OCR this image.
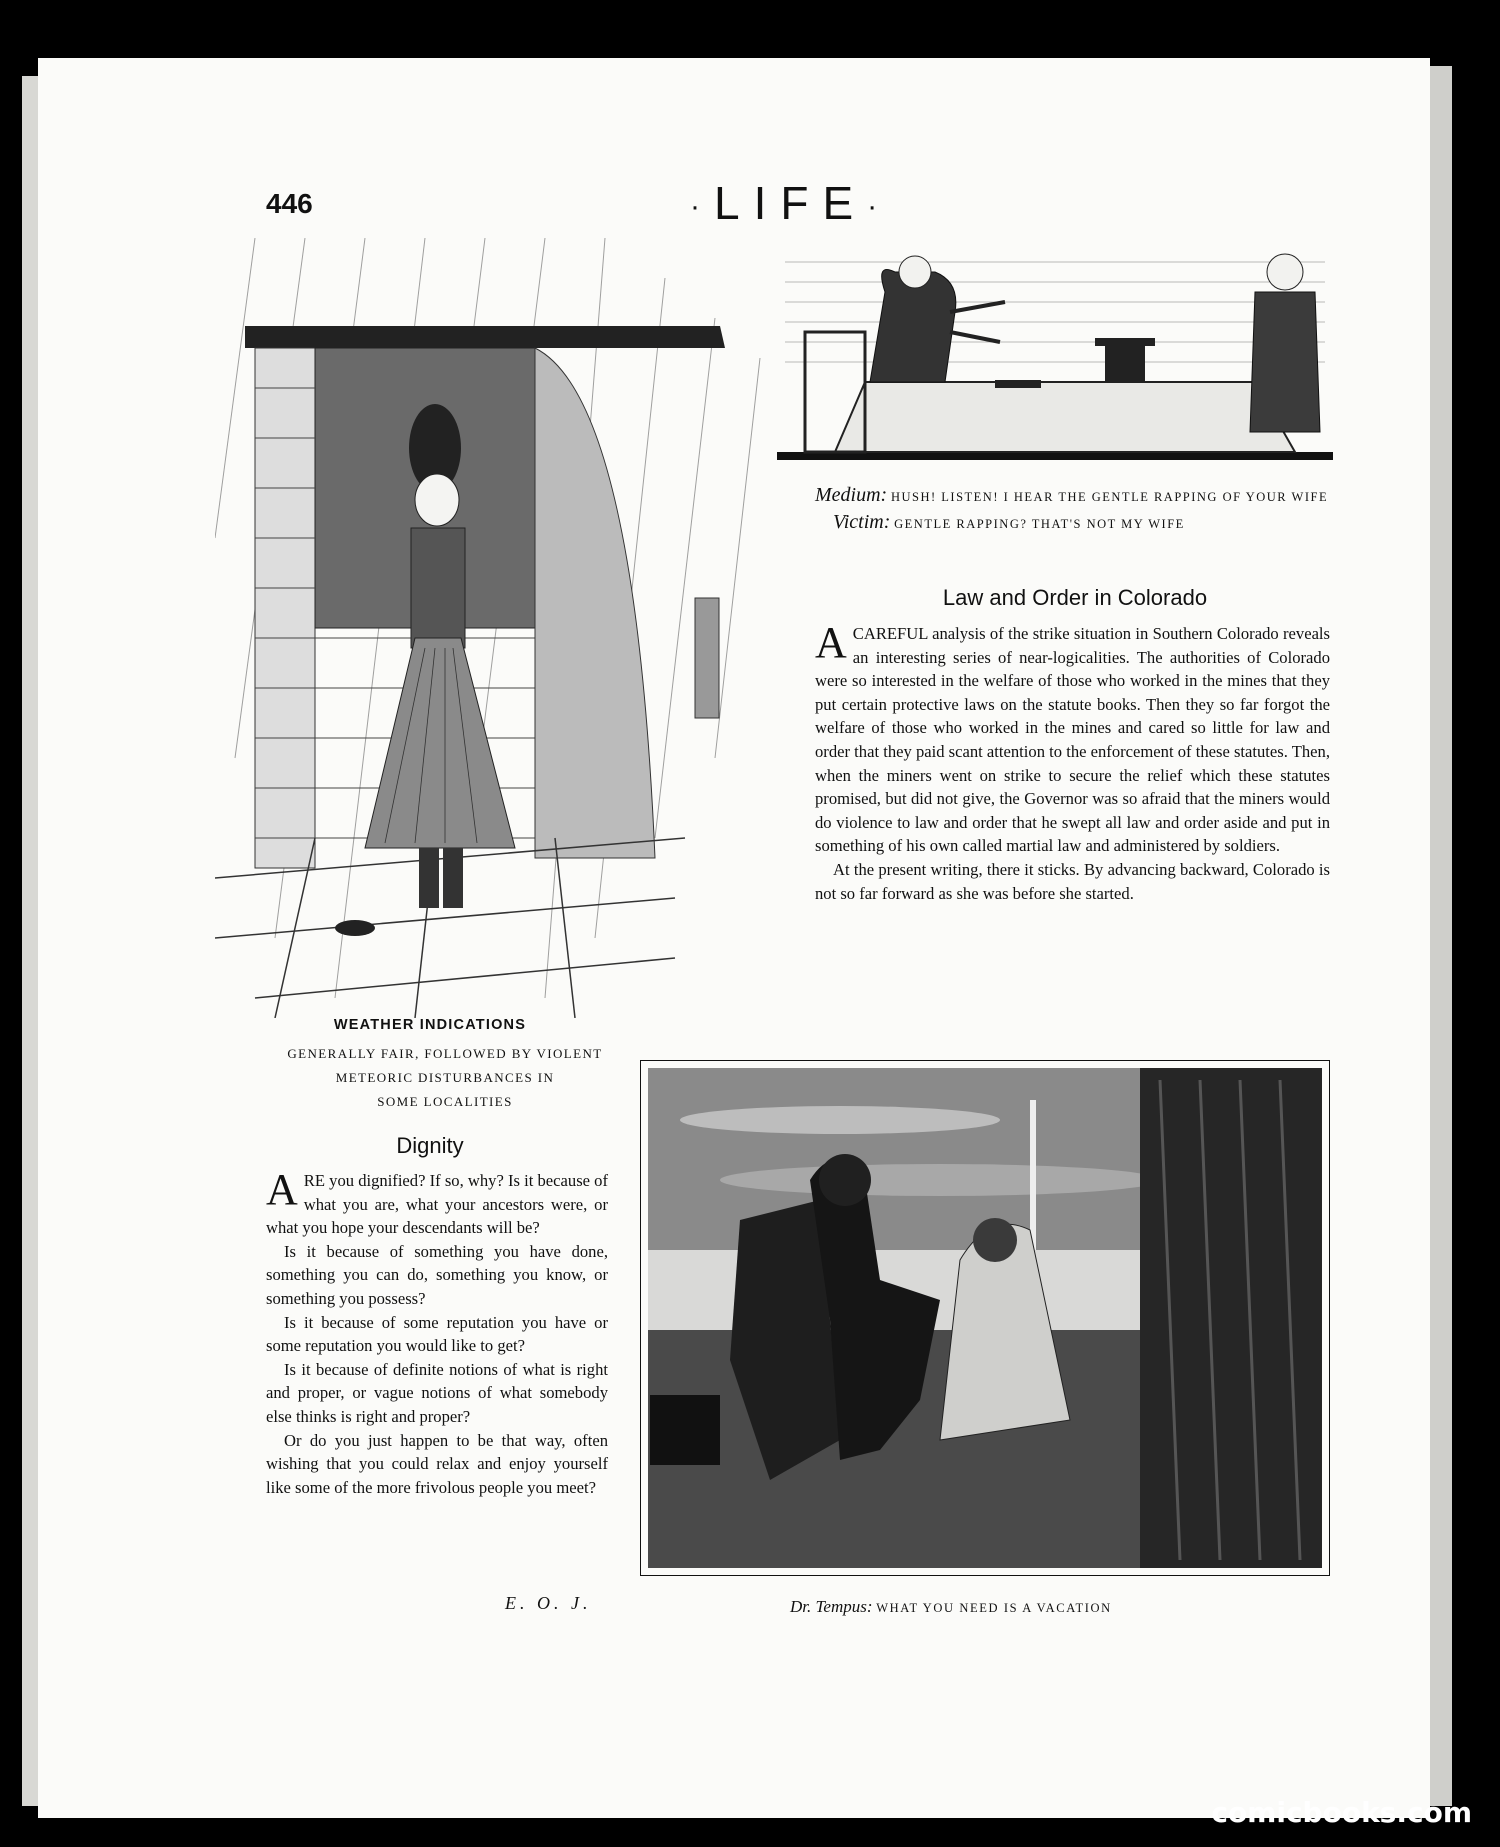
446	·LIFE·
WEATHER INDICATIONS
GENERALLY FAIR, FOLLOWED BY VIOLENT
METEORIC DISTURBANCES IN
SOME LOCALITIES
Medium: HUSH! LISTEN! I HEAR THE GENTLE RAPPING OF YOUR WIFE
Victim: GENTLE RAPPING? THAT'S NOT MY WIFE
Law and Order in Colorado

ACAREFUL analysis of the strike situation in Southern Colorado reveals an interesting series of near-logicalities. The authorities of Colorado were so interested in the welfare of those who worked in the mines that they put certain protective laws on the statute books. Then they so far forgot the welfare of those who worked in the mines and cared so little for law and order that they paid scant attention to the enforcement of these statutes. Then, when the miners went on strike to secure the relief which these statutes promised, but did not give, the Governor was so afraid that the miners would do violence to law and order that he swept all law and order aside and put in something of his own called martial law and administered by soldiers.

At the present writing, there it sticks. By advancing backward, Colorado is not so far forward as she was before she started.

Dignity

ARE you dignified? If so, why? Is it because of what you are, what your ancestors were, or what you hope your descendants will be?

Is it because of something you have done, something you can do, something you know, or something you possess?

Is it because of some reputation you have or some reputation you would like to get?

Is it because of definite notions of what is right and proper, or vague notions of what somebody else thinks is right and proper?

Or do you just happen to be that way, often wishing that you could relax and enjoy yourself like some of the more frivolous people you meet?

E. O. J.	Dr. Tempus: WHAT YOU NEED IS A VACATION
comicbooks.com
